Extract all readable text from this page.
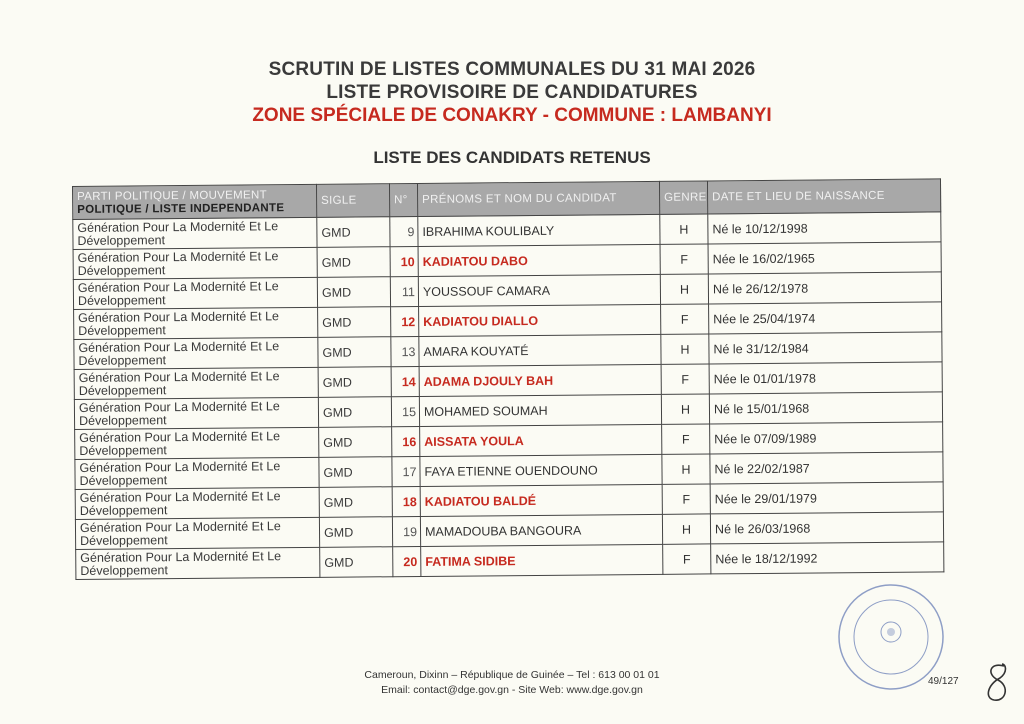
SCRUTIN DE LISTES COMMUNALES DU 31 MAI 2026
LISTE PROVISOIRE DE CANDIDATURES
ZONE SPÉCIALE DE CONAKRY - COMMUNE : LAMBANYI
LISTE DES CANDIDATS RETENUS
PARTI POLITIQUE / MOUVEMENT
POLITIQUE / LISTE INDEPENDANTE	SIGLE	N°	PRÉNOMS ET NOM DU CANDIDAT	GENRE	DATE ET LIEU DE NAISSANCE
Génération Pour La Modernité Et Le Développement	GMD	9	IBRAHIMA KOULIBALY	H	Né le 10/12/1998
Génération Pour La Modernité Et Le Développement	GMD	10	KADIATOU DABO	F	Née le 16/02/1965
Génération Pour La Modernité Et Le Développement	GMD	11	YOUSSOUF CAMARA	H	Né le 26/12/1978
Génération Pour La Modernité Et Le Développement	GMD	12	KADIATOU DIALLO	F	Née le 25/04/1974
Génération Pour La Modernité Et Le Développement	GMD	13	AMARA KOUYATÉ	H	Né le 31/12/1984
Génération Pour La Modernité Et Le Développement	GMD	14	ADAMA DJOULY BAH	F	Née le 01/01/1978
Génération Pour La Modernité Et Le Développement	GMD	15	MOHAMED SOUMAH	H	Né le 15/01/1968
Génération Pour La Modernité Et Le Développement	GMD	16	AISSATA YOULA	F	Née le 07/09/1989
Génération Pour La Modernité Et Le Développement	GMD	17	FAYA ETIENNE OUENDOUNO	H	Né le 22/02/1987
Génération Pour La Modernité Et Le Développement	GMD	18	KADIATOU BALDÉ	F	Née le 29/01/1979
Génération Pour La Modernité Et Le Développement	GMD	19	MAMADOUBA BANGOURA	H	Né le 26/03/1968
Génération Pour La Modernité Et Le Développement	GMD	20	FATIMA SIDIBE	F	Née le 18/12/1992
Cameroun, Dixinn – République de Guinée – Tel : 613 00 01 01
Email: contact@dge.gov.gn - Site Web: www.dge.gov.gn
49/127
